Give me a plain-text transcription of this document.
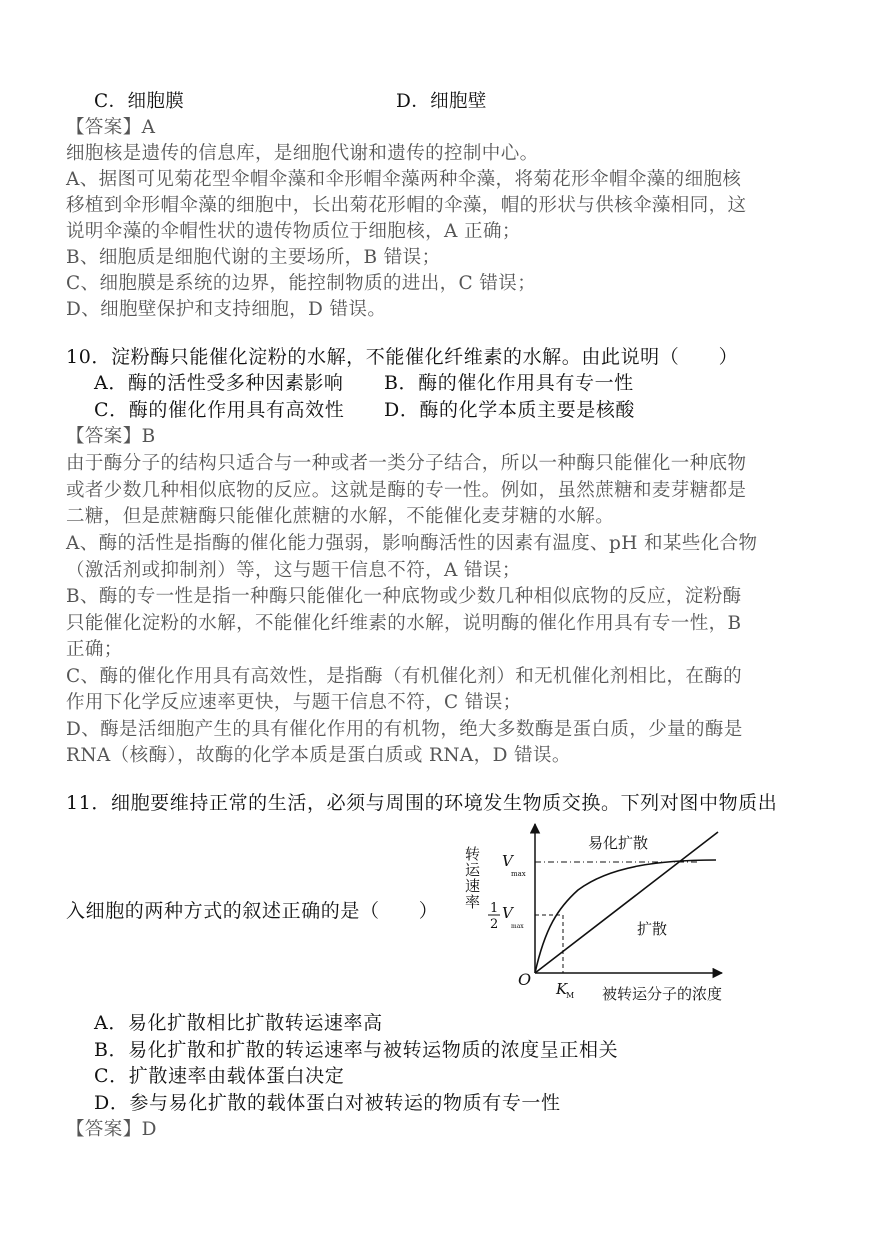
C．细胞膜	D．细胞壁
【答案】A
细胞核是遗传的信息库，是细胞代谢和遗传的控制中心。
A、据图可见菊花型伞帽伞藻和伞形帽伞藻两种伞藻，将菊花形伞帽伞藻的细胞核
移植到伞形帽伞藻的细胞中，长出菊花形帽的伞藻，帽的形状与供核伞藻相同，这
说明伞藻的伞帽性状的遗传物质位于细胞核，A 正确；
B、细胞质是细胞代谢的主要场所，B 错误；
C、细胞膜是系统的边界，能控制物质的进出，C 错误；
D、细胞壁保护和支持细胞，D 错误。
10．淀粉酶只能催化淀粉的水解，不能催化纤维素的水解。由此说明（　　）
A．酶的活性受多种因素影响 B．酶的催化作用具有专一性
C．酶的催化作用具有高效性 D．酶的化学本质主要是核酸
【答案】B
由于酶分子的结构只适合与一种或者一类分子结合，所以一种酶只能催化一种底物
或者少数几种相似底物的反应。这就是酶的专一性。例如，虽然蔗糖和麦芽糖都是
二糖，但是蔗糖酶只能催化蔗糖的水解，不能催化麦芽糖的水解。
A、酶的活性是指酶的催化能力强弱，影响酶活性的因素有温度、pH 和某些化合物
（激活剂或抑制剂）等，这与题干信息不符，A 错误；
B、酶的专一性是指一种酶只能催化一种底物或少数几种相似底物的反应，淀粉酶
只能催化淀粉的水解，不能催化纤维素的水解，说明酶的催化作用具有专一性，B
正确；
C、酶的催化作用具有高效性，是指酶（有机催化剂）和无机催化剂相比，在酶的
作用下化学反应速率更快，与题干信息不符，C 错误；
D、酶是活细胞产生的具有催化作用的有机物，绝大多数酶是蛋白质，少量的酶是
RNA（核酶），故酶的化学本质是蛋白质或 RNA，D 错误。
11．细胞要维持正常的生活，必须与周围的环境发生物质交换。下列对图中物质出
入细胞的两种方式的叙述正确的是（　　）
转运速率
O
V
max
1
2
V
max
K
M 被转运分子的浓度
易化扩散
扩散
A．易化扩散相比扩散转运速率高
B．易化扩散和扩散的转运速率与被转运物质的浓度呈正相关
C．扩散速率由载体蛋白决定
D．参与易化扩散的载体蛋白对被转运的物质有专一性
【答案】D
